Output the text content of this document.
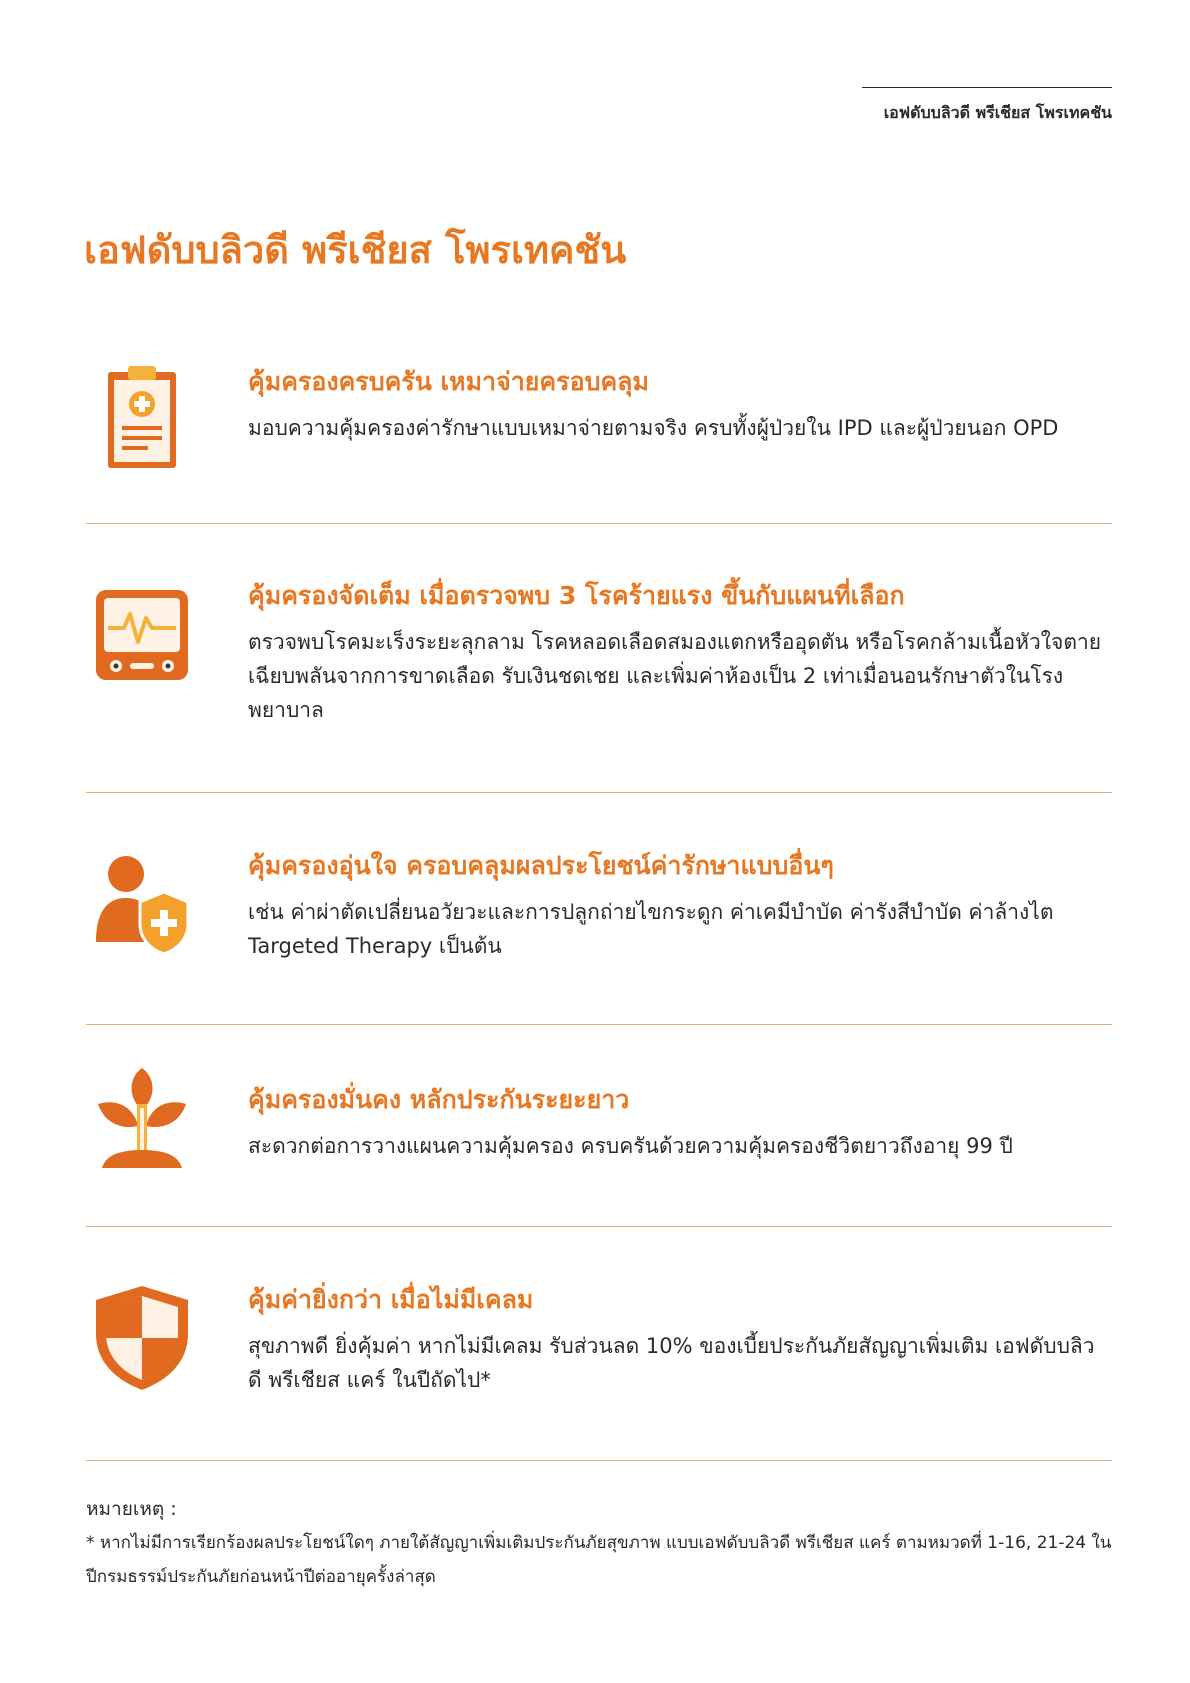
เอฟดับบลิวดี พรีเชียส โพรเทคชัน
เอฟดับบลิวดี พรีเชียส โพรเทคชัน
คุ้มครองครบครัน เหมาจ่ายครอบคลุม

มอบความคุ้มครองค่ารักษาแบบเหมาจ่ายตามจริง ครบทั้งผู้ป่วยใน IPD และผู้ป่วยนอก OPD

คุ้มครองจัดเต็ม เมื่อตรวจพบ 3 โรคร้ายแรง ขึ้นกับแผนที่เลือก

ตรวจพบโรคมะเร็งระยะลุกลาม โรคหลอดเลือดสมองแตกหรืออุดตัน หรือโรคกล้ามเนื้อหัวใจตายเฉียบพลันจากการขาดเลือด รับเงินชดเชย และเพิ่มค่าห้องเป็น 2 เท่าเมื่อนอนรักษาตัวในโรงพยาบาล

คุ้มครองอุ่นใจ ครอบคลุมผลประโยชน์ค่ารักษาแบบอื่นๆ

เช่น ค่าผ่าตัดเปลี่ยนอวัยวะและการปลูกถ่ายไขกระดูก ค่าเคมีบำบัด ค่ารังสีบำบัด ค่าล้างไต Targeted Therapy เป็นต้น

คุ้มครองมั่นคง หลักประกันระยะยาว

สะดวกต่อการวางแผนความคุ้มครอง ครบครันด้วยความคุ้มครองชีวิตยาวถึงอายุ 99 ปี

คุ้มค่ายิ่งกว่า เมื่อไม่มีเคลม

สุขภาพดี ยิ่งคุ้มค่า หากไม่มีเคลม รับส่วนลด 10% ของเบี้ยประกันภัยสัญญาเพิ่มเติม เอฟดับบลิวดี พรีเชียส แคร์ ในปีถัดไป*

หมายเหตุ :
* หากไม่มีการเรียกร้องผลประโยชน์ใดๆ ภายใต้สัญญาเพิ่มเติมประกันภัยสุขภาพ แบบเอฟดับบลิวดี พรีเชียส แคร์ ตามหมวดที่ 1-16, 21-24 ในปีกรมธรรม์ประกันภัยก่อนหน้าปีต่ออายุครั้งล่าสุด
